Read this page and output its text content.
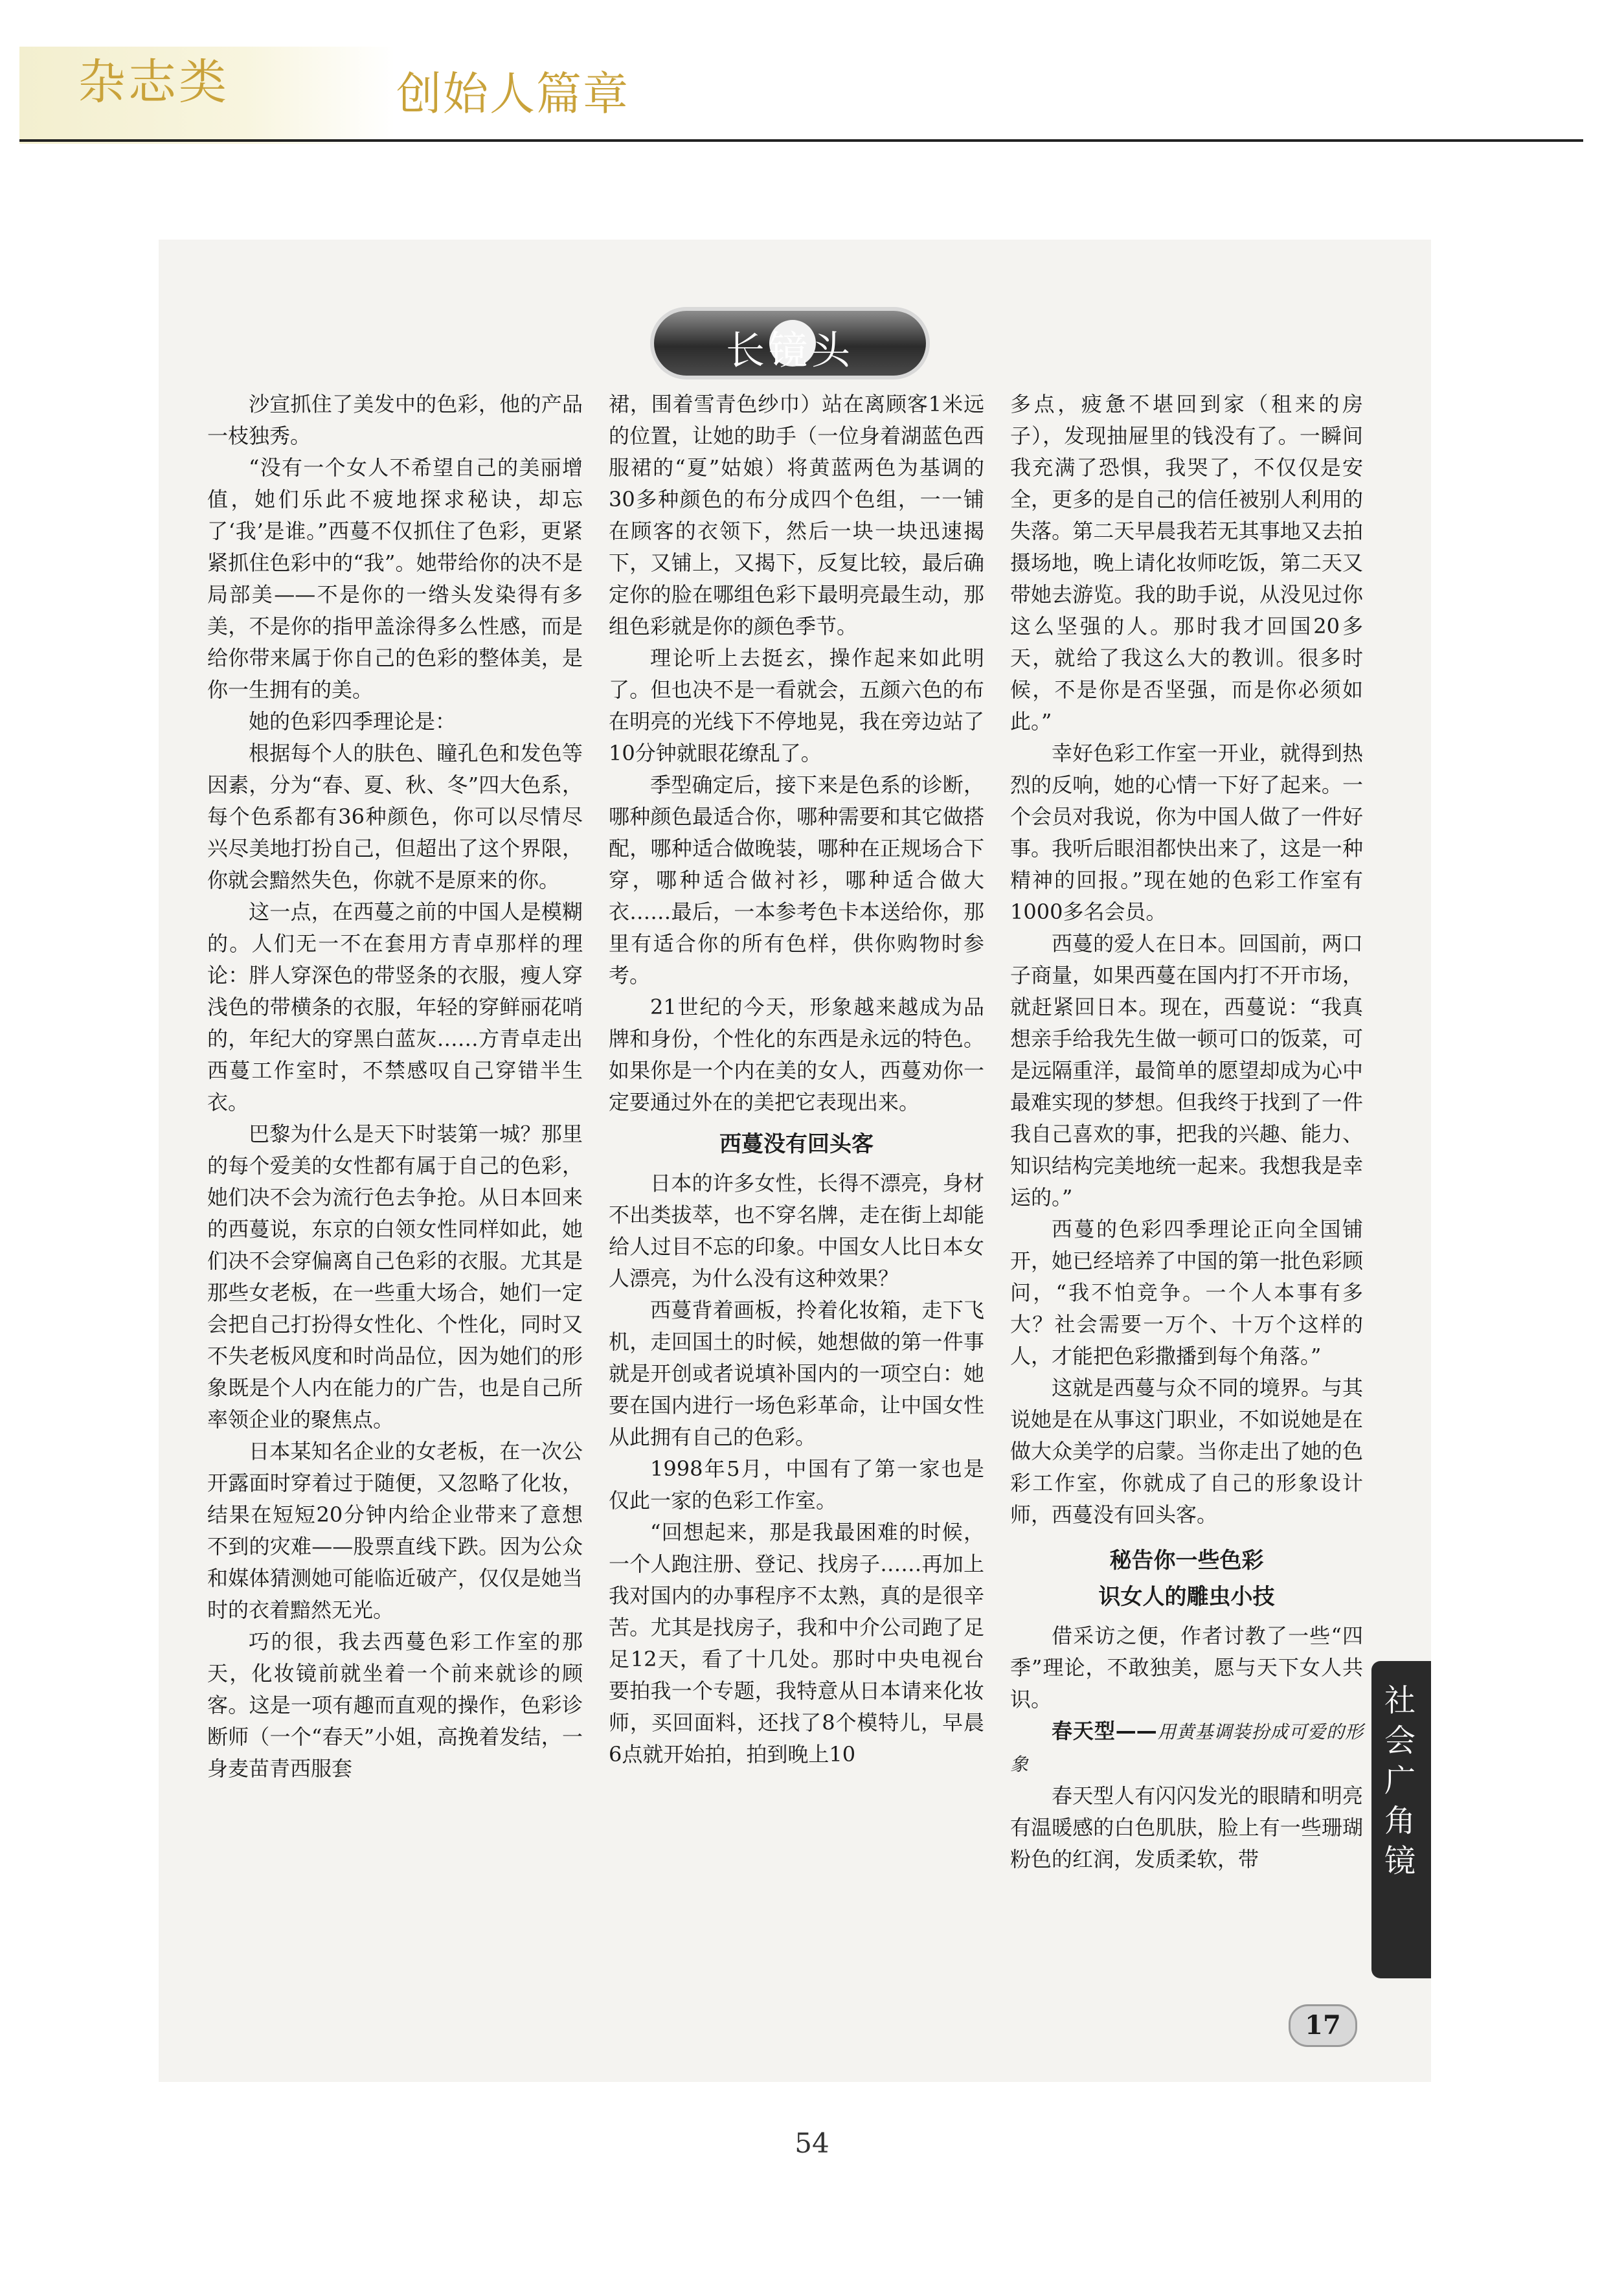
杂志类	创始人篇章
长镜头

沙宣抓住了美发中的色彩，他的产品一枝独秀。

“没有一个女人不希望自己的美丽增值，她们乐此不疲地探求秘诀，却忘了‘我’是谁。”西蔓不仅抓住了色彩，更紧紧抓住色彩中的“我”。她带给你的决不是局部美——不是你的一绺头发染得有多美，不是你的指甲盖涂得多么性感，而是给你带来属于你自己的色彩的整体美，是你一生拥有的美。

她的色彩四季理论是：

根据每个人的肤色、瞳孔色和发色等因素，分为“春、夏、秋、冬”四大色系，每个色系都有36种颜色，你可以尽情尽兴尽美地打扮自己，但超出了这个界限，你就会黯然失色，你就不是原来的你。

这一点，在西蔓之前的中国人是模糊的。人们无一不在套用方青卓那样的理论：胖人穿深色的带竖条的衣服，瘦人穿浅色的带横条的衣服，年轻的穿鲜丽花哨的，年纪大的穿黑白蓝灰……方青卓走出西蔓工作室时，不禁感叹自己穿错半生衣。

巴黎为什么是天下时装第一城？那里的每个爱美的女性都有属于自己的色彩，她们决不会为流行色去争抢。从日本回来的西蔓说，东京的白领女性同样如此，她们决不会穿偏离自己色彩的衣服。尤其是那些女老板，在一些重大场合，她们一定会把自己打扮得女性化、个性化，同时又不失老板风度和时尚品位，因为她们的形象既是个人内在能力的广告，也是自己所率领企业的聚焦点。

日本某知名企业的女老板，在一次公开露面时穿着过于随便，又忽略了化妆，结果在短短20分钟内给企业带来了意想不到的灾难——股票直线下跌。因为公众和媒体猜测她可能临近破产，仅仅是她当时的衣着黯然无光。

巧的很，我去西蔓色彩工作室的那天，化妆镜前就坐着一个前来就诊的顾客。这是一项有趣而直观的操作，色彩诊断师（一个“春天”小姐，高挽着发结，一身麦苗青西服套

裙，围着雪青色纱巾）站在离顾客1米远的位置，让她的助手（一位身着湖蓝色西服裙的“夏”姑娘）将黄蓝两色为基调的30多种颜色的布分成四个色组，一一铺在顾客的衣领下，然后一块一块迅速揭下，又铺上，又揭下，反复比较，最后确定你的脸在哪组色彩下最明亮最生动，那组色彩就是你的颜色季节。

理论听上去挺玄，操作起来如此明了。但也决不是一看就会，五颜六色的布在明亮的光线下不停地晃，我在旁边站了10分钟就眼花缭乱了。

季型确定后，接下来是色系的诊断，哪种颜色最适合你，哪种需要和其它做搭配，哪种适合做晚装，哪种在正规场合下穿，哪种适合做衬衫，哪种适合做大衣……最后，一本参考色卡本送给你，那里有适合你的所有色样，供你购物时参考。

21世纪的今天，形象越来越成为品牌和身份，个性化的东西是永远的特色。如果你是一个内在美的女人，西蔓劝你一定要通过外在的美把它表现出来。

西蔓没有回头客

日本的许多女性，长得不漂亮，身材不出类拔萃，也不穿名牌，走在街上却能给人过目不忘的印象。中国女人比日本女人漂亮，为什么没有这种效果？

西蔓背着画板，拎着化妆箱，走下飞机，走回国土的时候，她想做的第一件事就是开创或者说填补国内的一项空白：她要在国内进行一场色彩革命，让中国女性从此拥有自己的色彩。

1998年5月，中国有了第一家也是仅此一家的色彩工作室。

“回想起来，那是我最困难的时候，一个人跑注册、登记、找房子……再加上我对国内的办事程序不太熟，真的是很辛苦。尤其是找房子，我和中介公司跑了足足12天，看了十几处。那时中央电视台要拍我一个专题，我特意从日本请来化妆师，买回面料，还找了8个模特儿，早晨6点就开始拍，拍到晚上10

多点，疲惫不堪回到家（租来的房子），发现抽屉里的钱没有了。一瞬间我充满了恐惧，我哭了，不仅仅是安全，更多的是自己的信任被别人利用的失落。第二天早晨我若无其事地又去拍摄场地，晚上请化妆师吃饭，第二天又带她去游览。我的助手说，从没见过你这么坚强的人。那时我才回国20多天，就给了我这么大的教训。很多时候，不是你是否坚强，而是你必须如此。”

幸好色彩工作室一开业，就得到热烈的反响，她的心情一下好了起来。一个会员对我说，你为中国人做了一件好事。我听后眼泪都快出来了，这是一种精神的回报。”现在她的色彩工作室有1000多名会员。

西蔓的爱人在日本。回国前，两口子商量，如果西蔓在国内打不开市场，就赶紧回日本。现在，西蔓说：“我真想亲手给我先生做一顿可口的饭菜，可是远隔重洋，最简单的愿望却成为心中最难实现的梦想。但我终于找到了一件我自己喜欢的事，把我的兴趣、能力、知识结构完美地统一起来。我想我是幸运的。”

西蔓的色彩四季理论正向全国铺开，她已经培养了中国的第一批色彩顾问，“我不怕竞争。一个人本事有多大？社会需要一万个、十万个这样的人，才能把色彩撒播到每个角落。”

这就是西蔓与众不同的境界。与其说她是在从事这门职业，不如说她是在做大众美学的启蒙。当你走出了她的色彩工作室，你就成了自己的形象设计师，西蔓没有回头客。

秘告你一些色彩
识女人的雕虫小技

借采访之便，作者讨教了一些“四季”理论，不敢独美，愿与天下女人共识。

春天型——用黄基调装扮成可爱的形象

春天型人有闪闪发光的眼睛和明亮有温暖感的白色肌肤，脸上有一些珊瑚粉色的红润，发质柔软，带

社会广角镜
17
54
